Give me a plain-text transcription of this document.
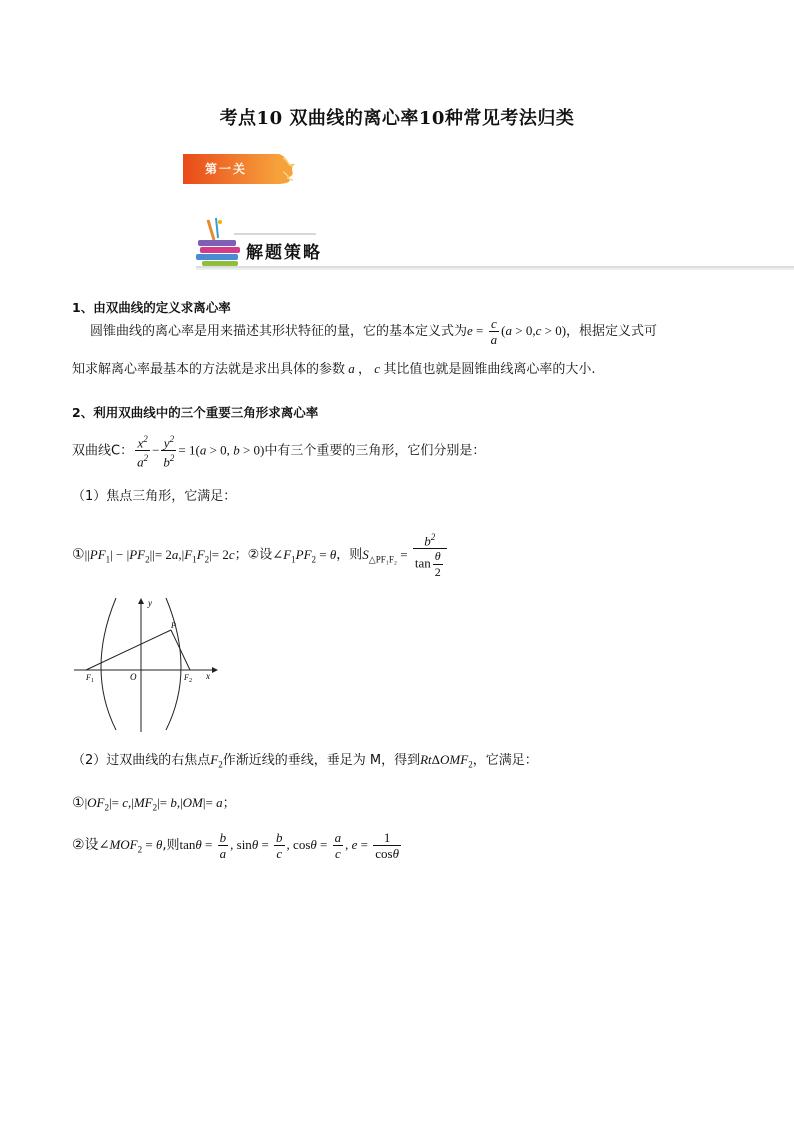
考点10 双曲线的离心率10种常见考法归类
第一关
解题策略
1、由双曲线的定义求离心率
圆锥曲线的离心率是用来描述其形状特征的量，它的基本定义式为$e = \frac{c}{a} (a > 0,c > 0)$，根据定义式可
知求解离心率最基本的方法就是求出具体的参数 a ， c 其比值也就是圆锥曲线离心率的大小.
2、利用双曲线中的三个重要三角形求离心率
双曲线C： $\frac{x^2}{a^2} - \frac{y^2}{b^2} = 1(a > 0$, b > 0)中有三个重要的三角形，它们分别是：
（1）焦点三角形，它满足：
$①||PF_1| - |PF_2||= 2a,|F_1F_2|= 2c$；②设$\angle F_1PF_2 = \theta$，则$S_{\triangle PF_1F_2} = \frac{b^2}{\tan \frac{\theta}{2}}$
y
x
P
O
F 1	F 2
（2）过双曲线的右焦点$F_2$作渐近线的垂线，垂足为 M，得到RtΔOMF$_2$，它满足：
$①|OF_2|= c,|MF_2|= b,|OM|= a$；
②设$\angle MOF_2 = \theta$,则$\tan\theta = \frac{b}{a}$ , $\sin\theta = \frac{b}{c}$ , $\cos\theta = \frac{a}{c}$ , $e = \frac{1}{\cos\theta}$
